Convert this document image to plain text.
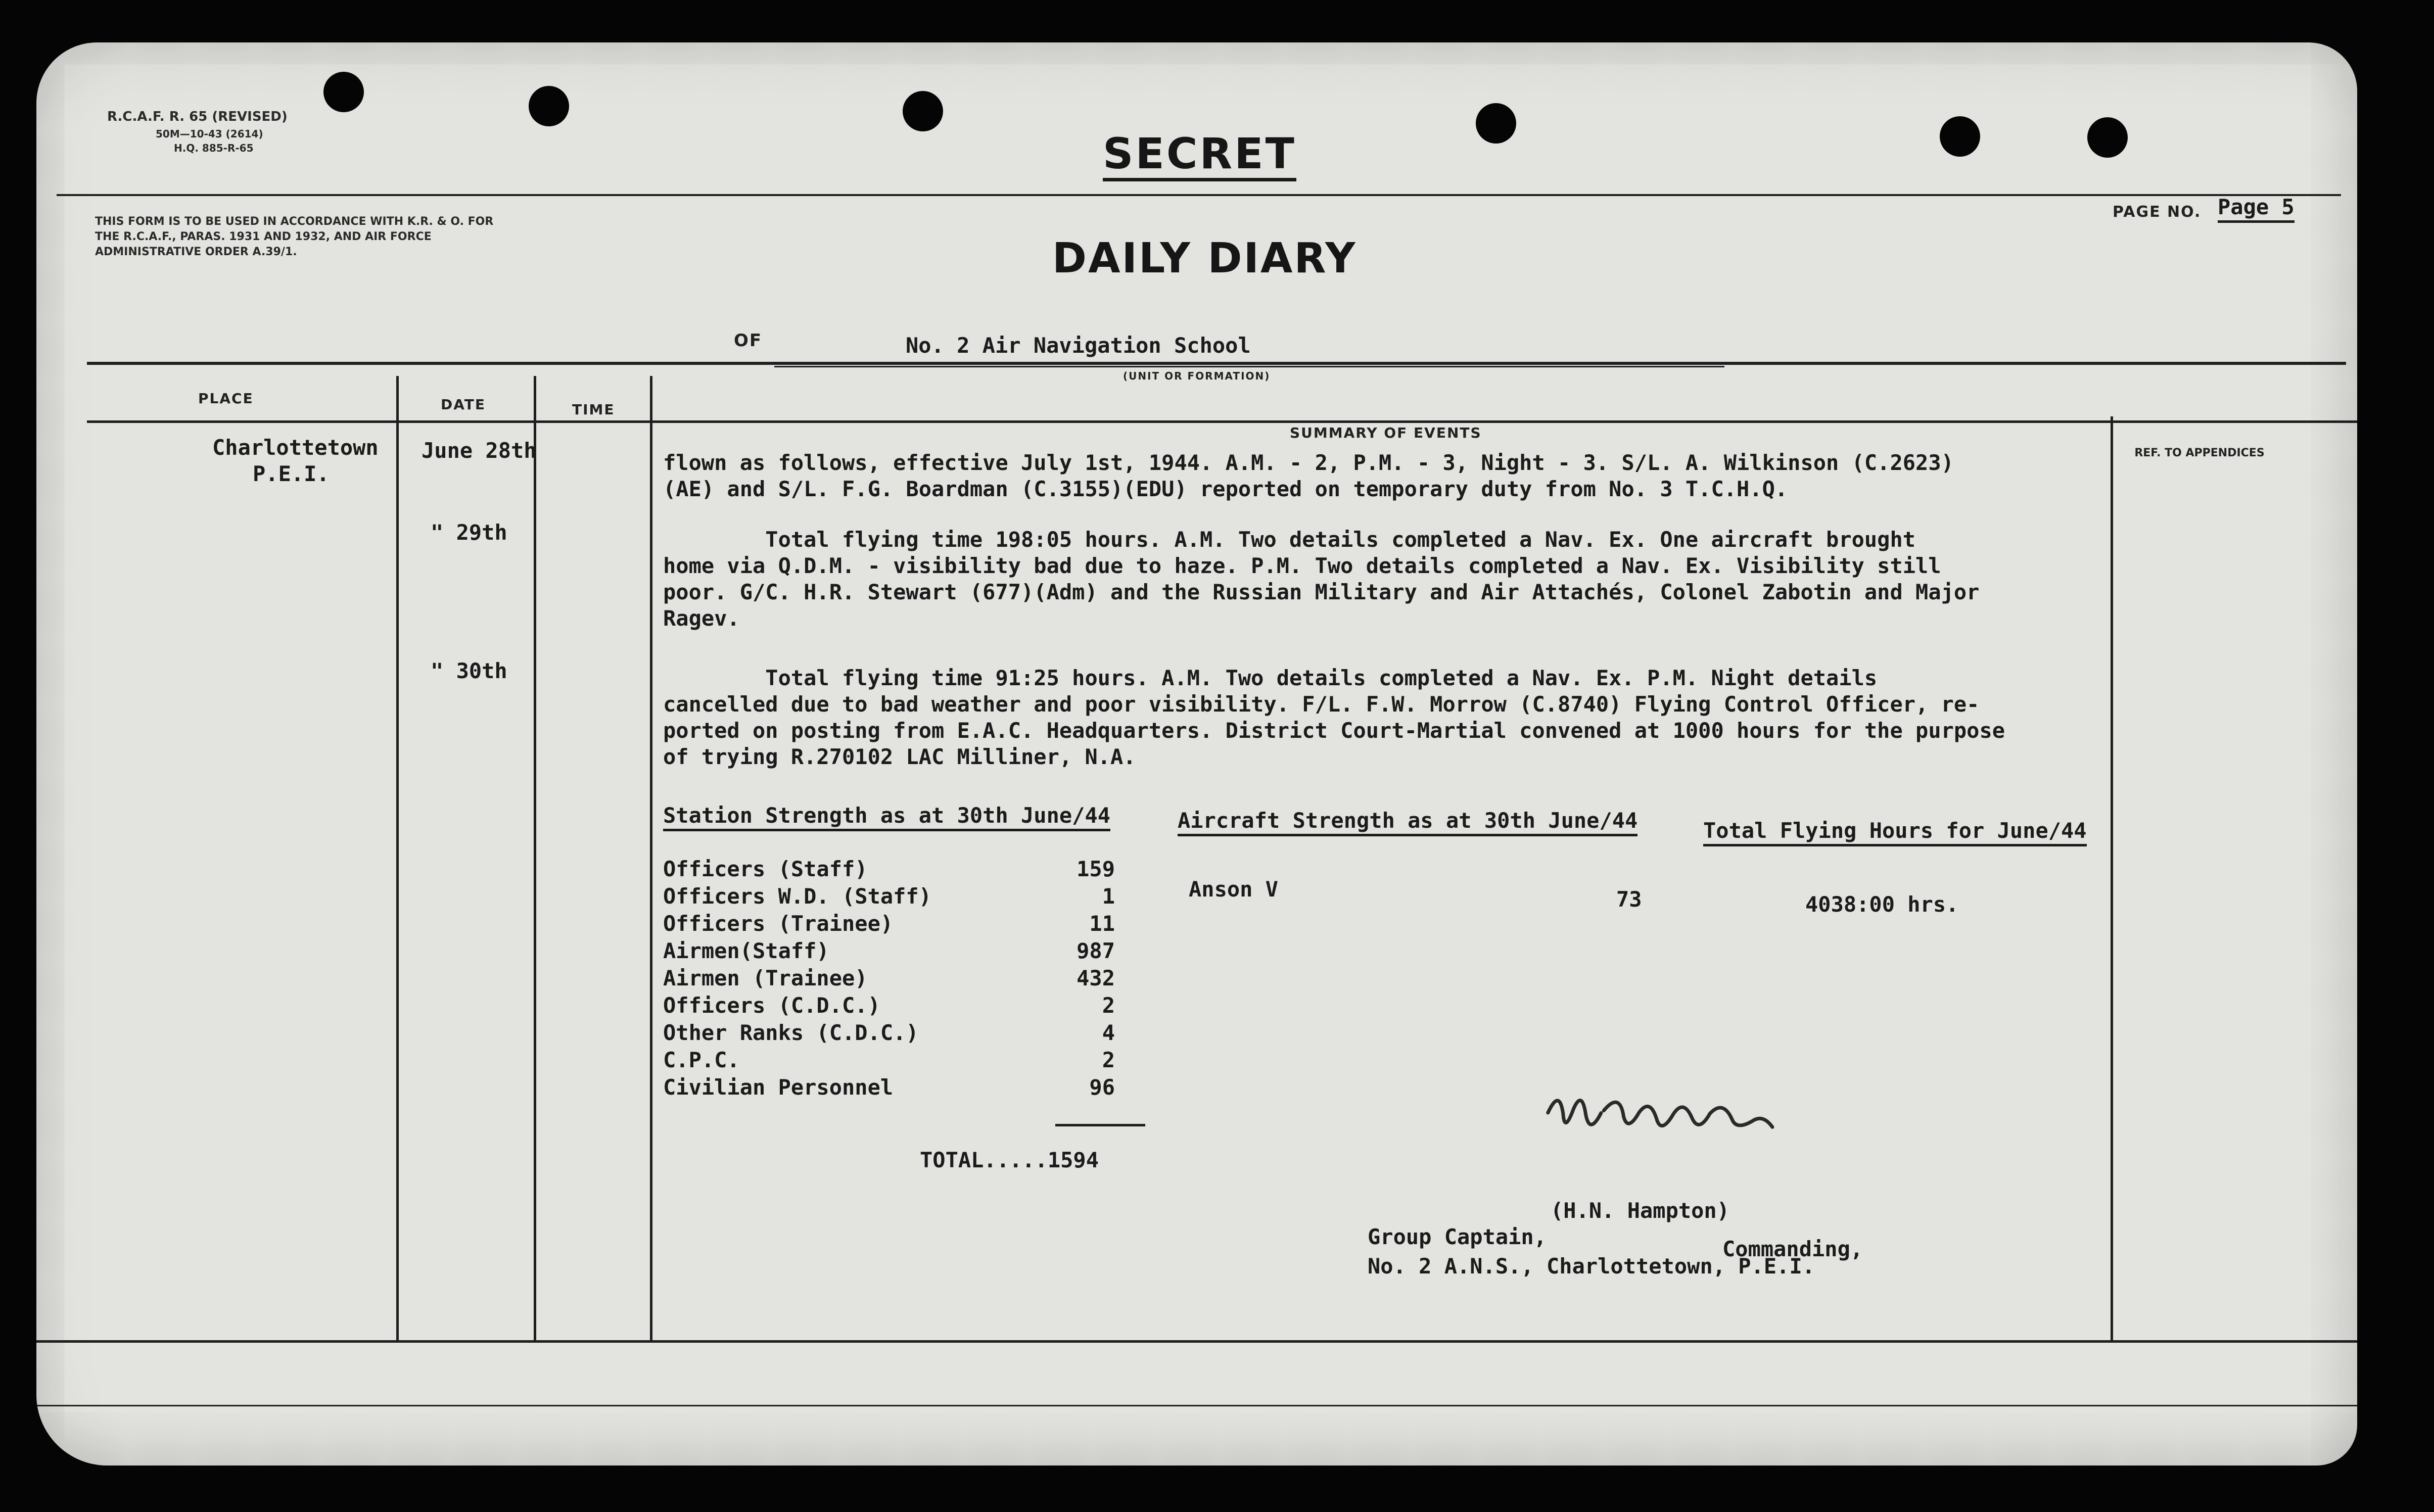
R.C.A.F. R. 65 (REVISED)
50M—10-43 (2614)
H.Q. 885-R-65
THIS FORM IS TO BE USED IN ACCORDANCE WITH K.R. & O. FOR THE R.C.A.F., PARAS. 1931 AND 1932, AND AIR FORCE ADMINISTRATIVE ORDER A.39/1.
SECRET
DAILY DIARY
PAGE NO. Page 5
OF	No. 2 Air Navigation School
(UNIT OR FORMATION)
PLACE	DATE	TIME
SUMMARY OF EVENTS
REF. TO APPENDICES
Charlottetown
P.E.I.
June 28th
" 29th
" 30th
flown as follows, effective July 1st, 1944. A.M. - 2, P.M. - 3, Night - 3. S/L. A. Wilkinson (C.2623)
(AE) and S/L. F.G. Boardman (C.3155)(EDU) reported on temporary duty from No. 3 T.C.H.Q.
Total flying time 198:05 hours. A.M. Two details completed a Nav. Ex. One aircraft brought
home via Q.D.M. - visibility bad due to haze. P.M. Two details completed a Nav. Ex. Visibility still
poor. G/C. H.R. Stewart (677)(Adm) and the Russian Military and Air Attachés, Colonel Zabotin and Major
Ragev.
Total flying time 91:25 hours. A.M. Two details completed a Nav. Ex. P.M. Night details
cancelled due to bad weather and poor visibility. F/L. F.W. Morrow (C.8740) Flying Control Officer, re-
ported on posting from E.A.C. Headquarters. District Court-Martial convened at 1000 hours for the purpose
of trying R.270102 LAC Milliner, N.A.
Station Strength as at 30th June/44	Aircraft Strength as at 30th June/44	Total Flying Hours for June/44
Officers (Staff)	159
Officers W.D. (Staff)	1
Officers (Trainee)	11
Airmen(Staff)	987
Airmen (Trainee)	432
Officers (C.D.C.)	2
Other Ranks (C.D.C.)	4
C.P.C.	2
Civilian Personnel	96
TOTAL.....1594
Anson V	73	4038:00 hrs.
(H.N. Hampton)
Group Captain,	Commanding,
No. 2 A.N.S., Charlottetown, P.E.I.
